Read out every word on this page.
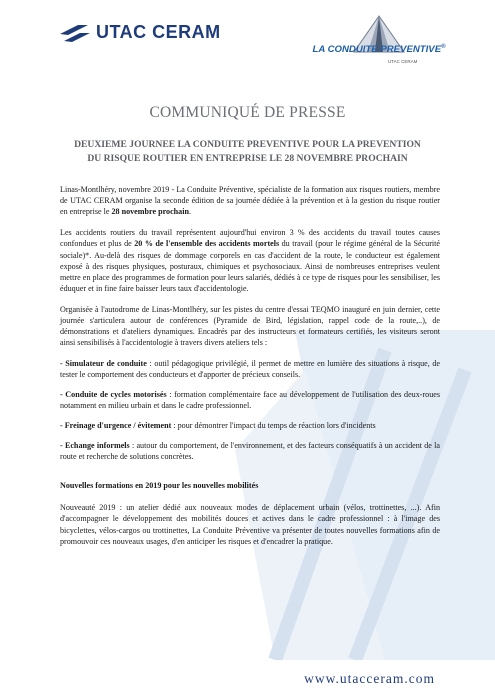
UTAC CERAM
LA CONDUITE PREVENTIVE®
UTAC CERAM
COMMUNIQUÉ DE PRESSE
DEUXIEME JOURNEE LA CONDUITE PREVENTIVE POUR LA PREVENTION
DU RISQUE ROUTIER EN ENTREPRISE LE 28 NOVEMBRE PROCHAIN

Linas-Montlhéry, novembre 2019 - La Conduite Préventive, spécialiste de la formation aux risques routiers, membre de UTAC CERAM organise la seconde édition de sa journée dédiée à la prévention et à la gestion du risque routier en entreprise le 28 novembre prochain.

Les accidents routiers du travail représentent aujourd'hui environ 3 % des accidents du travail toutes causes confondues et plus de 20 % de l'ensemble des accidents mortels du travail (pour le régime général de la Sécurité sociale)*. Au-delà des risques de dommage corporels en cas d'accident de la route, le conducteur est également exposé à des risques physiques, posturaux, chimiques et psychosociaux. Ainsi de nombreuses entreprises veulent mettre en place des programmes de formation pour leurs salariés, dédiés à ce type de risques pour les sensibiliser, les éduquer et in fine faire baisser leurs taux d'accidentologie.

Organisée à l'autodrome de Linas-Montlhéry, sur les pistes du centre d'essai TEQMO inauguré en juin dernier, cette journée s'articulera autour de conférences (Pyramide de Bird, législation, rappel code de la route,..), de démonstrations et d'ateliers dynamiques. Encadrés par des instructeurs et formateurs certifiés, les visiteurs seront ainsi sensibilisés à l'accidentologie à travers divers ateliers tels :

- Simulateur de conduite : outil pédagogique privilégié, il permet de mettre en lumière des situations à risque, de tester le comportement des conducteurs et d'apporter de précieux conseils.

- Conduite de cycles motorisés : formation complémentaire face au développement de l'utilisation des deux-roues notamment en milieu urbain et dans le cadre professionnel.

- Freinage d'urgence / évitement : pour démontrer l'impact du temps de réaction lors d'incidents

- Echange informels : autour du comportement, de l'environnement, et des facteurs conséquatifs à un accident de la route et recherche de solutions concrètes.

Nouvelles formations en 2019 pour les nouvelles mobilités

Nouveauté 2019 : un atelier dédié aux nouveaux modes de déplacement urbain (vélos, trottinettes, ...). Afin d'accompagner le développement des mobilités douces et actives dans le cadre professionnel : à l'image des bicyclettes, vélos-cargos ou trottinettes, La Conduite Préventive va présenter de toutes nouvelles formations afin de promouvoir ces nouveaux usages, d'en anticiper les risques et d'encadrer la pratique.

www.utacceram.com
